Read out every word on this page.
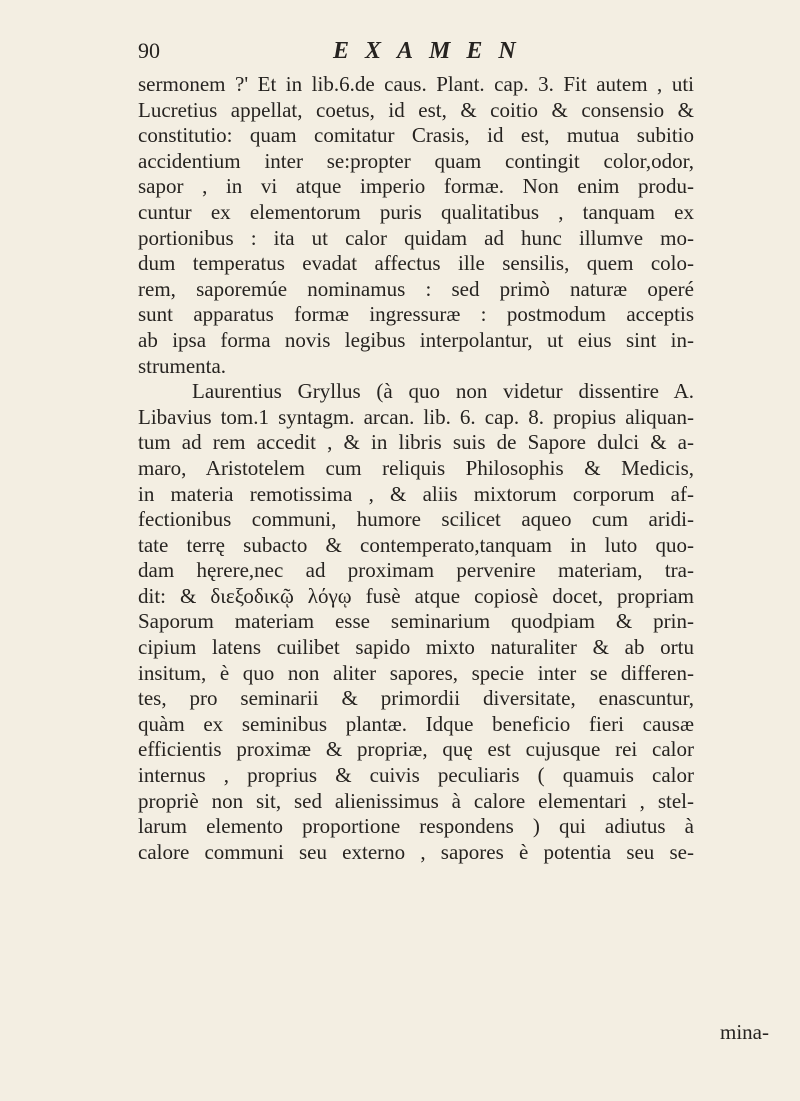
90	EXAMEN
sermonem ?' Et in lib.6.de caus. Plant. cap. 3. Fit autem , uti
Lucretius appellat, coetus, id est, & coitio & consensio &
constitutio: quam comitatur Crasis, id est, mutua subitio
accidentium inter se:propter quam contingit color,odor,
sapor , in vi atque imperio formæ. Non enim produ-
cuntur ex elementorum puris qualitatibus , tanquam ex
portionibus : ita ut calor quidam ad hunc illumve mo-
dum temperatus evadat affectus ille sensilis, quem colo-
rem, saporemúe nominamus : sed primò naturæ operé
sunt apparatus formæ ingressuræ : postmodum acceptis
ab ipsa forma novis legibus interpolantur, ut eius sint in-
strumenta.
Laurentius Gryllus (à quo non videtur dissentire A.
Libavius tom.1 syntagm. arcan. lib. 6. cap. 8. propius aliquan-
tum ad rem accedit , & in libris suis de Sapore dulci & a-
maro, Aristotelem cum reliquis Philosophis & Medicis,
in materia remotissima , & aliis mixtorum corporum af-
fectionibus communi, humore scilicet aqueo cum aridi-
tate terrę subacto & contemperato,tanquam in luto quo-
dam hęrere,nec ad proximam pervenire materiam, tra-
dit: & διεξοδικῷ λόγῳ fusè atque copiosè docet, propriam
Saporum materiam esse seminarium quodpiam & prin-
cipium latens cuilibet sapido mixto naturaliter & ab ortu
insitum, è quo non aliter sapores, specie inter se differen-
tes, pro seminarii & primordii diversitate, enascuntur,
quàm ex seminibus plantæ. Idque beneficio fieri causæ
efficientis proximæ & propriæ, quę est cujusque rei calor
internus , proprius & cuivis peculiaris ( quamuis calor
propriè non sit, sed alienissimus à calore elementari , stel-
larum elemento proportione respondens ) qui adiutus à
calore communi seu externo , sapores è potentia seu se-
mina-
